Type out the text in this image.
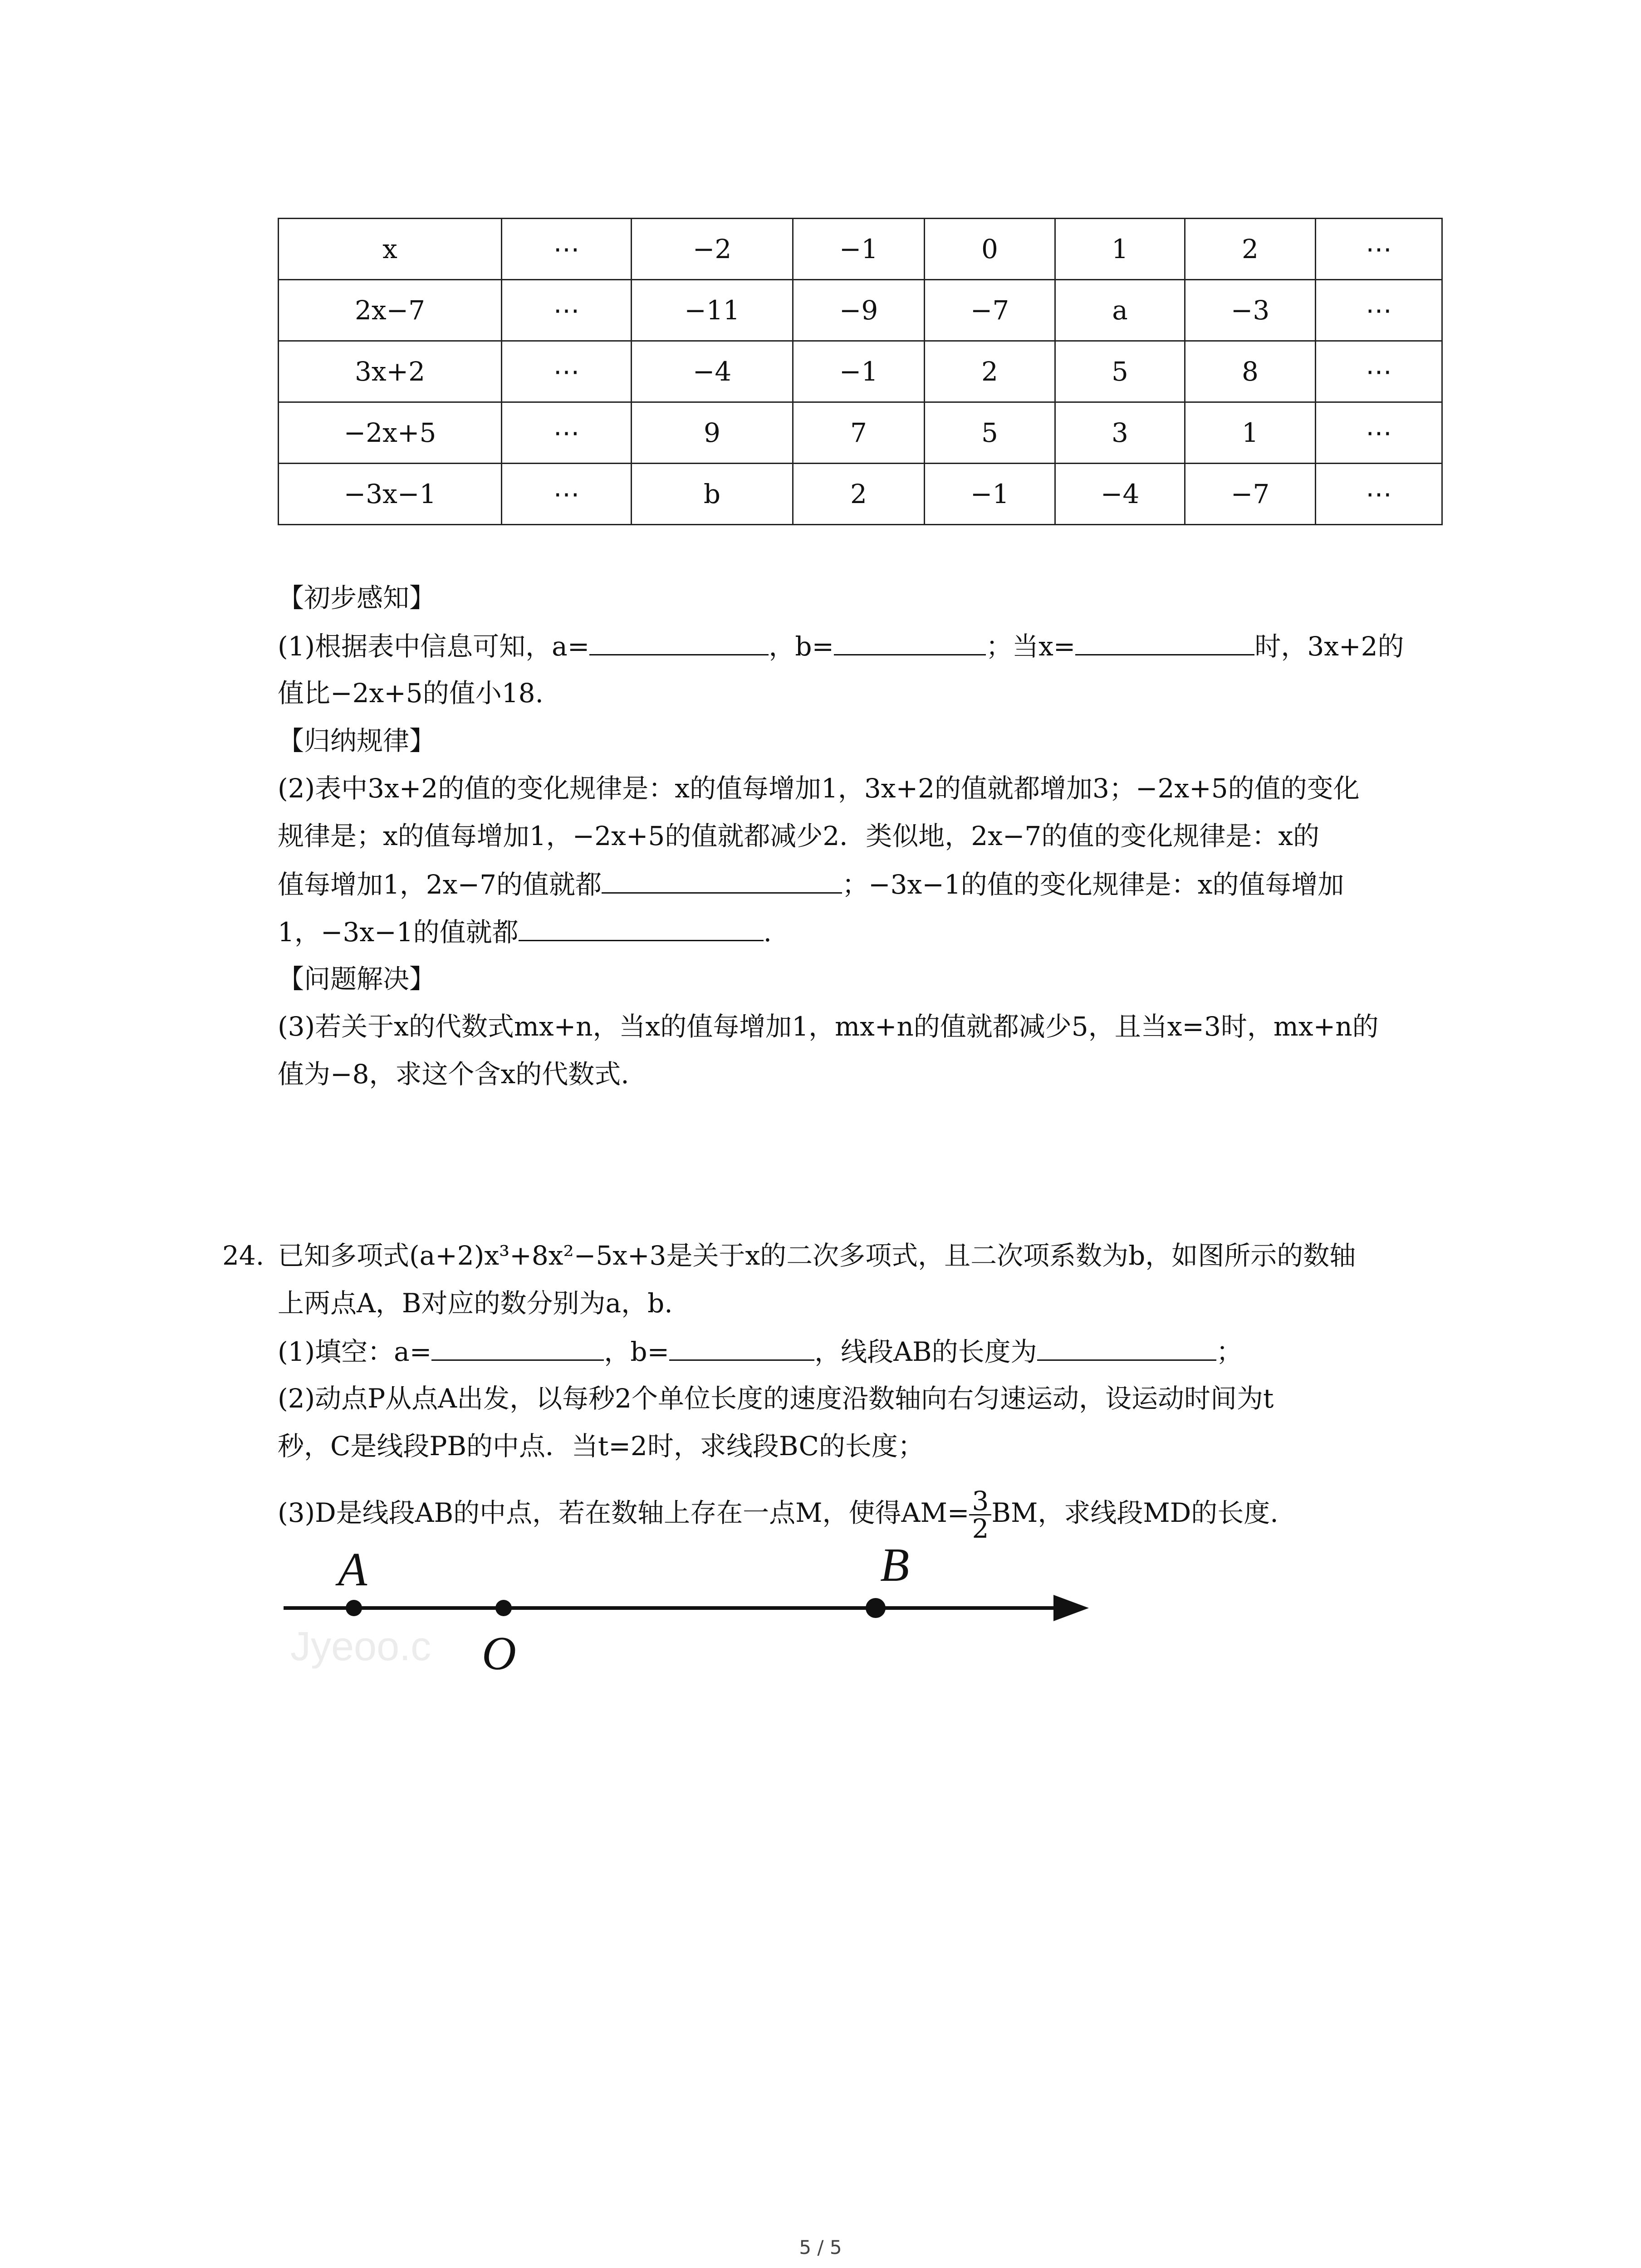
x	⋯	−2	−1	0	1	2	⋯
2x−7	⋯	−11	−9	−7	a	−3	⋯
3x+2	⋯	−4	−1	2	5	8	⋯
−2x+5	⋯	9	7	5	3	1	⋯
−3x−1	⋯	b	2	−1	−4	−7	⋯
【初步感知】
(1)根据表中信息可知，a=	，b=	；当x=	时，3x+2的
值比−2x+5的值小18.
【归纳规律】
(2)表中3x+2的值的变化规律是：x的值每增加1，3x+2的值就都增加3；−2x+5的值的变化
规律是；x的值每增加1，−2x+5的值就都减少2．类似地，2x−7的值的变化规律是：x的
值每增加1，2x−7的值就都	；−3x−1的值的变化规律是：x的值每增加
1，−3x−1的值就都	.
【问题解决】
(3)若关于x的代数式mx+n，当x的值每增加1，mx+n的值就都减少5，且当x=3时，mx+n的
值为−8，求这个含x的代数式.
24. 已知多项式(a+2)x³+8x²−5x+3是关于x的二次多项式，且二次项系数为b，如图所示的数轴
上两点A，B对应的数分别为a，b.
(1)填空：a=	，b=	，线段AB的长度为	；
(2)动点P从点A出发，以每秒2个单位长度的速度沿数轴向右匀速运动，设运动时间为t
秒，C是线段PB的中点．当t=2时，求线段BC的长度；
(3)D是线段AB的中点，若在数轴上存在一点M，使得$AM= \frac{3}{2}$ BM，求线段MD的长度.
Jyeoo.c
A
O
B
5 / 5
